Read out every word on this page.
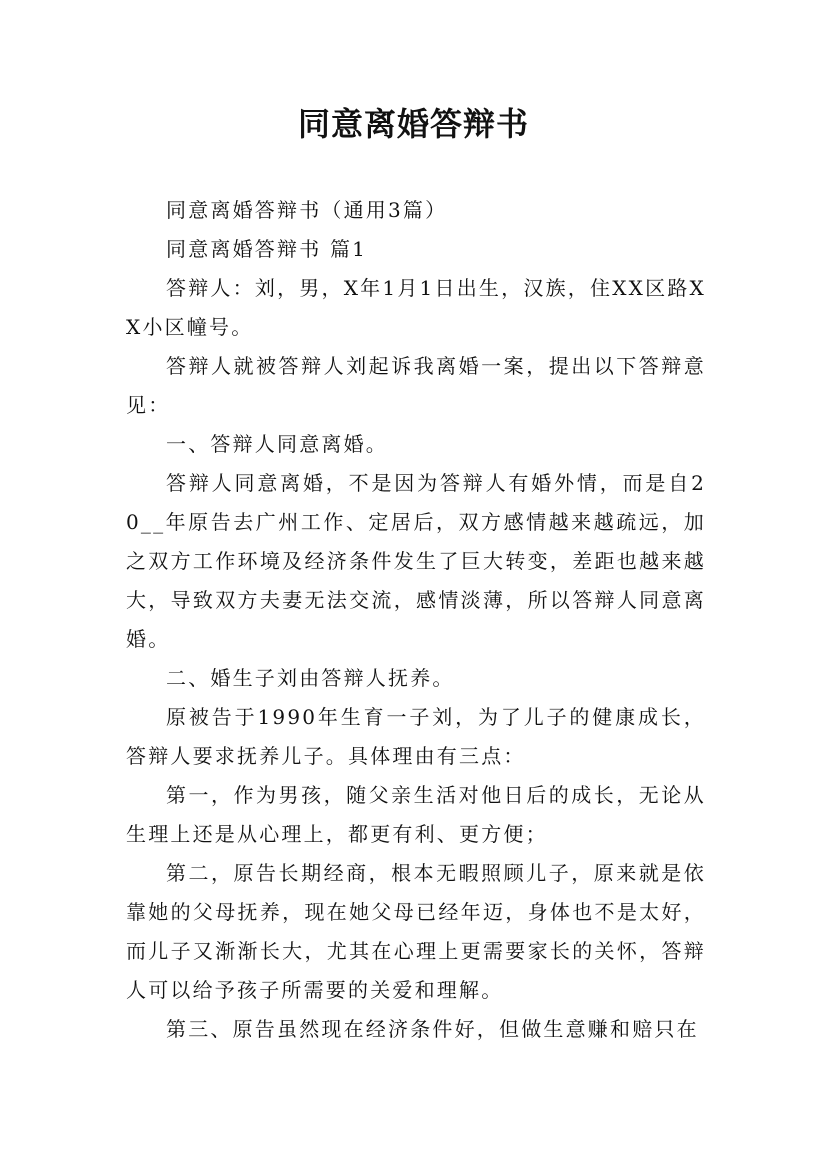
同意离婚答辩书

同意离婚答辩书（通用3篇）

同意离婚答辩书 篇1

答辩人：刘，男，X年1月1日出生，汉族，住XX区路XX小区幢号。

答辩人就被答辩人刘起诉我离婚一案，提出以下答辩意见：

一、答辩人同意离婚。

答辩人同意离婚，不是因为答辩人有婚外情，而是自20__年原告去广州工作、定居后，双方感情越来越疏远，加之双方工作环境及经济条件发生了巨大转变，差距也越来越大，导致双方夫妻无法交流，感情淡薄，所以答辩人同意离婚。

二、婚生子刘由答辩人抚养。

原被告于1990年生育一子刘，为了儿子的健康成长，答辩人要求抚养儿子。具体理由有三点：

第一，作为男孩，随父亲生活对他日后的成长，无论从生理上还是从心理上，都更有利、更方便；

第二，原告长期经商，根本无暇照顾儿子，原来就是依靠她的父母抚养，现在她父母已经年迈，身体也不是太好，而儿子又渐渐长大，尤其在心理上更需要家长的关怀，答辩人可以给予孩子所需要的关爱和理解。

第三、原告虽然现在经济条件好，但做生意赚和赔只在
